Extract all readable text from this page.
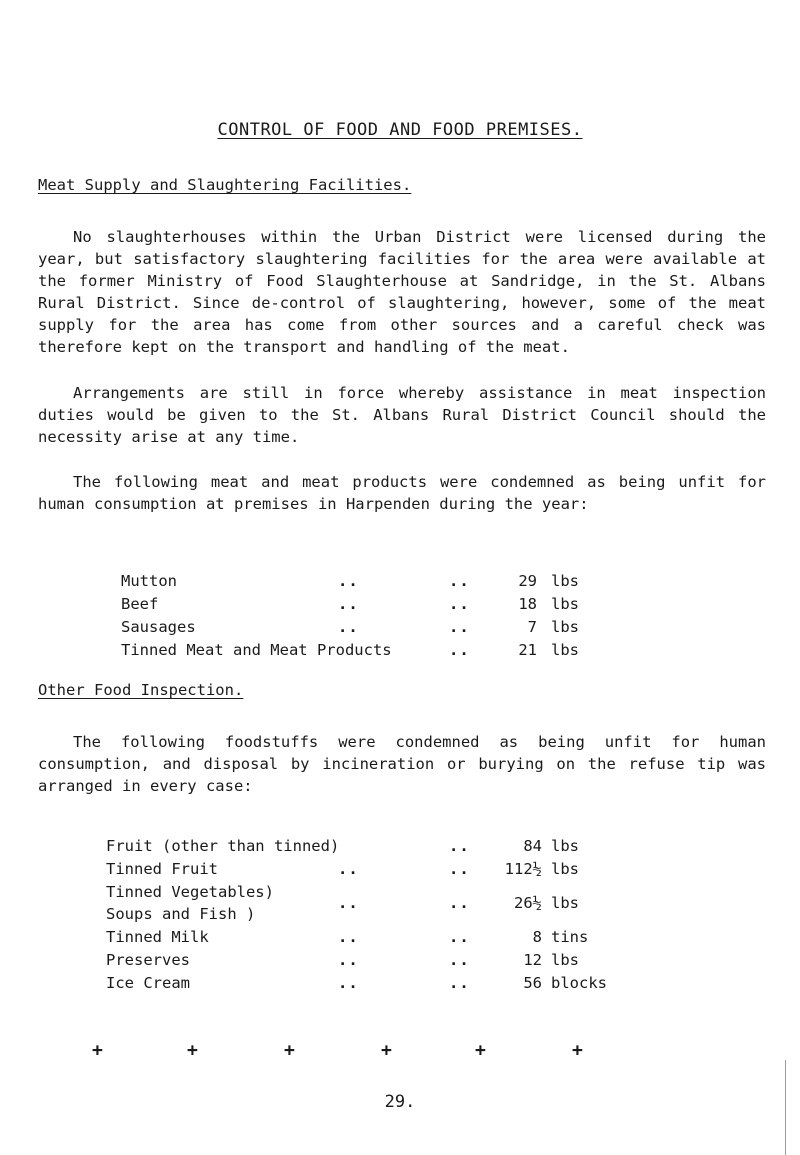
CONTROL OF FOOD AND FOOD PREMISES.
Meat Supply and Slaughtering Facilities.

No slaughterhouses within the Urban District were licensed during the year, but satisfactory slaughtering facilities for the area were available at the former Ministry of Food Slaughterhouse at Sandridge, in the St. Albans Rural District. Since de-control of slaughtering, however, some of the meat supply for the area has come from other sources and a careful check was therefore kept on the transport and handling of the meat.

Arrangements are still in force whereby assistance in meat inspection duties would be given to the St. Albans Rural District Council should the necessity arise at any time.

The following meat and meat products were condemned as being unfit for human consumption at premises in Harpenden during the year:

Mutton	..	..	29 lbs
Beef	..	..	18 lbs
Sausages	..	..	7 lbs
Tinned Meat and Meat Products	..	21 lbs
Other Food Inspection.

The following foodstuffs were condemned as being unfit for human consumption, and disposal by incineration or burying on the refuse tip was arranged in every case:

Fruit (other than tinned)	..	84 lbs
Tinned Fruit	..	..	112½ lbs
Tinned Vegetables)
Soups and Fish )
..	..	26½ lbs
Tinned Milk	..	..	8 tins
Preserves	..	..	12 lbs
Ice Cream	..	..	56 blocks
+	+	+	+	+	+
29.
